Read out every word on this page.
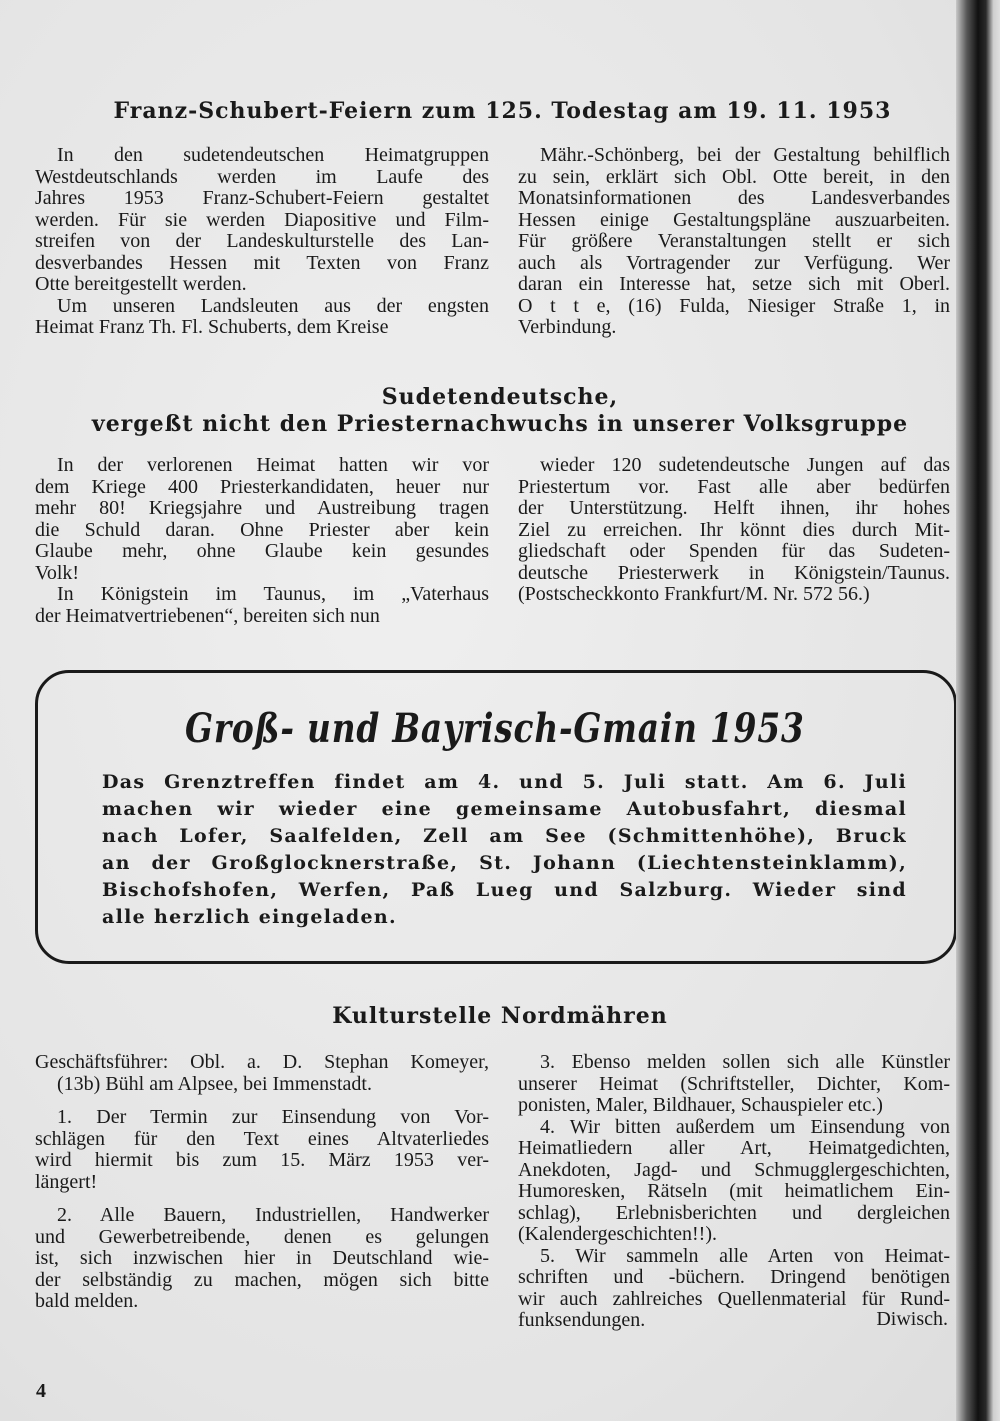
Franz-Schubert-Feiern zum 125. Todestag am 19. 11. 1953
In den sudetendeutschen Heimatgruppen
Westdeutschlands werden im Laufe des
Jahres 1953 Franz-Schubert-Feiern gestaltet
werden. Für sie werden Diapositive und Film-
streifen von der Landeskulturstelle des Lan-
desverbandes Hessen mit Texten von Franz
Otte bereitgestellt werden.
Um unseren Landsleuten aus der engsten
Heimat Franz Th. Fl. Schuberts, dem Kreise
Mähr.-Schönberg, bei der Gestaltung behilflich
zu sein, erklärt sich Obl. Otte bereit, in den
Monatsinformationen des Landesverbandes
Hessen einige Gestaltungspläne auszuarbeiten.
Für größere Veranstaltungen stellt er sich
auch als Vortragender zur Verfügung. Wer
daran ein Interesse hat, setze sich mit Oberl.
O t t e, (16) Fulda, Niesiger Straße 1, in
Verbindung.
Sudetendeutsche,
vergeßt nicht den Priesternachwuchs in unserer Volksgruppe
In der verlorenen Heimat hatten wir vor
dem Kriege 400 Priesterkandidaten, heuer nur
mehr 80! Kriegsjahre und Austreibung tragen
die Schuld daran. Ohne Priester aber kein
Glaube mehr, ohne Glaube kein gesundes
Volk!
In Königstein im Taunus, im „Vaterhaus
der Heimatvertriebenen“, bereiten sich nun
wieder 120 sudetendeutsche Jungen auf das
Priestertum vor. Fast alle aber bedürfen
der Unterstützung. Helft ihnen, ihr hohes
Ziel zu erreichen. Ihr könnt dies durch Mit-
gliedschaft oder Spenden für das Sudeten-
deutsche Priesterwerk in Königstein/Taunus.
(Postscheckkonto Frankfurt/M. Nr. 572 56.)
Groß- und Bayrisch-Gmain 1953
Das Grenztreffen findet am 4. und 5. Juli statt. Am 6. Juli
machen wir wieder eine gemeinsame Autobusfahrt, diesmal
nach Lofer, Saalfelden, Zell am See (Schmittenhöhe), Bruck
an der Großglocknerstraße, St. Johann (Liechtensteinklamm),
Bischofshofen, Werfen, Paß Lueg und Salzburg. Wieder sind
alle herzlich eingeladen.
Kulturstelle Nordmähren
Geschäftsführer: Obl. a. D. Stephan Komeyer,
(13b) Bühl am Alpsee, bei Immenstadt.
1. Der Termin zur Einsendung von Vor-
schlägen für den Text eines Altvaterliedes
wird hiermit bis zum 15. März 1953 ver-
längert!
2. Alle Bauern, Industriellen, Handwerker
und Gewerbetreibende, denen es gelungen
ist, sich inzwischen hier in Deutschland wie-
der selbständig zu machen, mögen sich bitte
bald melden.
3. Ebenso melden sollen sich alle Künstler
unserer Heimat (Schriftsteller, Dichter, Kom-
ponisten, Maler, Bildhauer, Schauspieler etc.)
4. Wir bitten außerdem um Einsendung von
Heimatliedern aller Art, Heimatgedichten,
Anekdoten, Jagd- und Schmugglergeschichten,
Humoresken, Rätseln (mit heimatlichem Ein-
schlag), Erlebnisberichten und dergleichen
(Kalendergeschichten!!).
5. Wir sammeln alle Arten von Heimat-
schriften und -büchern. Dringend benötigen
wir auch zahlreiches Quellenmaterial für Rund-
funksendungen.	Diwisch.
4
